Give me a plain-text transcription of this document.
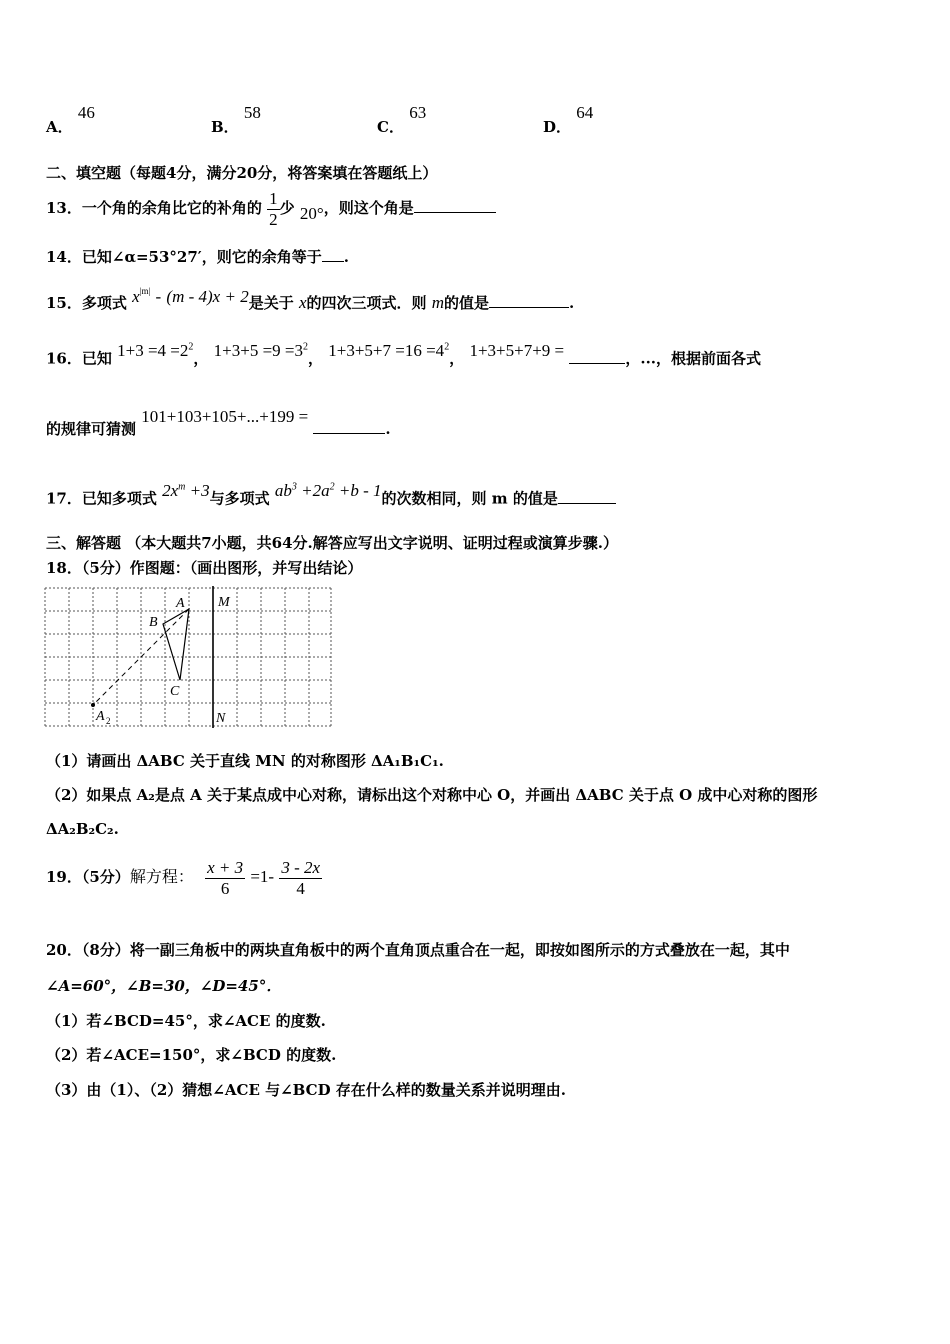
A． 46
B． 58
C． 63
D． 64
二、填空题（每题4分，满分20分，将答案填在答题纸上）
13．一个角的余角比它的补角的 $\frac{1}{2}$ 少 20°，则这个角是
14．已知∠α=53°27′，则它的余角等于 .
15．多项式 $x^{|m|} - (m - 4)x + 2$是关于 x的四次三项式．则 m的值是	.
16．已知 $1+3 =4 =2^2$， $1+3+5 =9 =3^2$， $1+3+5+7 =16 =4^2$， 1+3+5+7+9 =	，...，根据前面各式
的规律可猜测 101+103+105+...+199 = .
17．已知多项式 $2x^m +3$与多项式 $ab^3 +2a^2 +b - 1$的次数相同，则 m 的值是
三、解答题 （本大题共7小题，共64分.解答应写出文字说明、证明过程或演算步骤.）
18．（5分）作图题：（画出图形，并写出结论）
A
B
C
M
N
A 2
（1）请画出 ΔABC 关于直线 MN 的对称图形 ΔA₁B₁C₁.
（2）如果点 A₂是点 A 关于某点成中心对称，请标出这个对称中心 O，并画出 ΔABC 关于点 O 成中心对称的图形
ΔA₂B₂C₂.
19．（5分）解方程： $\frac{x + 3}{6} =1- \frac{3 - 2x}{4}$
20．（8分）将一副三角板中的两块直角板中的两个直角顶点重合在一起，即按如图所示的方式叠放在一起，其中
∠A=60°，∠B=30，∠D=45°．
（1）若∠BCD=45°，求∠ACE 的度数.
（2）若∠ACE=150°，求∠BCD 的度数.
（3）由（1）、（2）猜想∠ACE 与∠BCD 存在什么样的数量关系并说明理由.
